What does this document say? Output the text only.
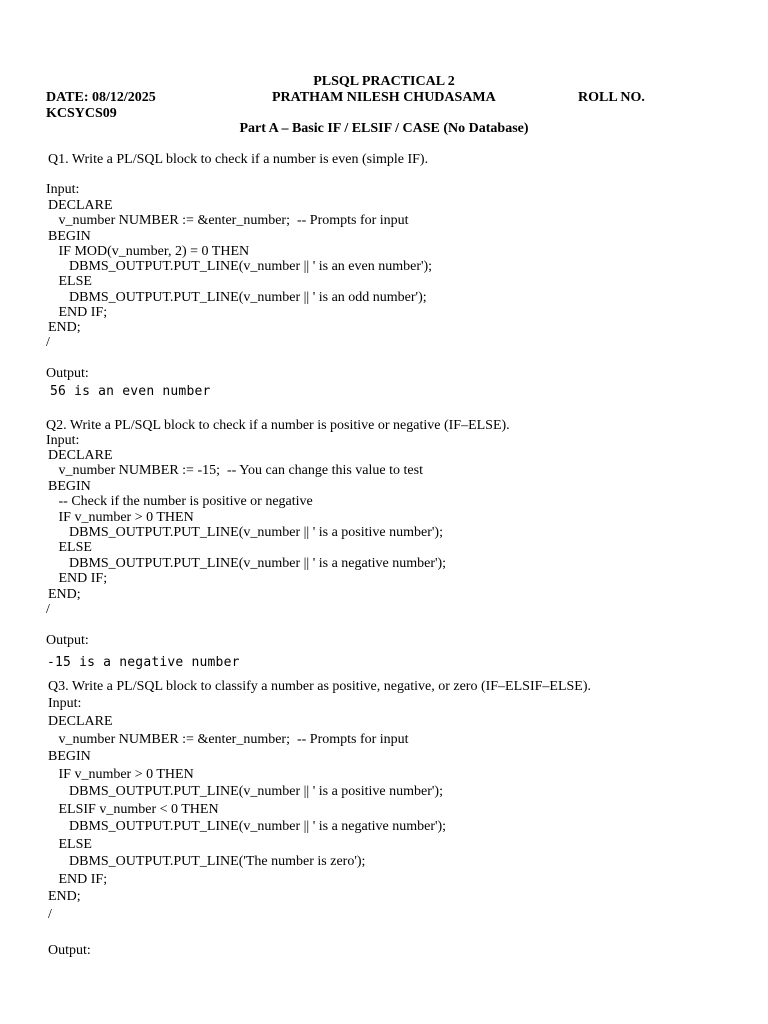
PLSQL PRACTICAL 2
DATE: 08/12/2025	PRATHAM NILESH CHUDASAMA	ROLL NO.
KCSYCS09
Part A – Basic IF / ELSIF / CASE (No Database)
Q1. Write a PL/SQL block to check if a number is even (simple IF).
Input:
DECLARE
v_number NUMBER := &enter_number;  -- Prompts for input
BEGIN
IF MOD(v_number, 2) = 0 THEN
DBMS_OUTPUT.PUT_LINE(v_number || ' is an even number');
ELSE
DBMS_OUTPUT.PUT_LINE(v_number || ' is an odd number');
END IF;
END;
/
Output:
56 is an even number
Q2. Write a PL/SQL block to check if a number is positive or negative (IF–ELSE).
Input:
DECLARE
v_number NUMBER := -15;  -- You can change this value to test
BEGIN
-- Check if the number is positive or negative
IF v_number > 0 THEN
DBMS_OUTPUT.PUT_LINE(v_number || ' is a positive number');
ELSE
DBMS_OUTPUT.PUT_LINE(v_number || ' is a negative number');
END IF;
END;
/
Output:
-15 is a negative number
Q3. Write a PL/SQL block to classify a number as positive, negative, or zero (IF–ELSIF–ELSE).
Input:
DECLARE
v_number NUMBER := &enter_number;  -- Prompts for input
BEGIN
IF v_number > 0 THEN
DBMS_OUTPUT.PUT_LINE(v_number || ' is a positive number');
ELSIF v_number < 0 THEN
DBMS_OUTPUT.PUT_LINE(v_number || ' is a negative number');
ELSE
DBMS_OUTPUT.PUT_LINE('The number is zero');
END IF;
END;
/
Output:
